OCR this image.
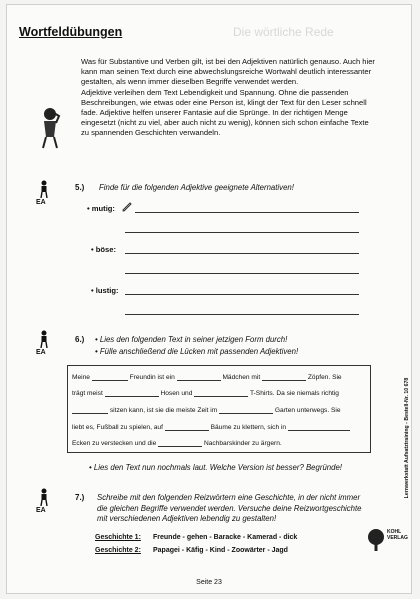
Wortfeldübungen	Die wörtliche Rede

Was für Substantive und Verben gilt, ist bei den Adjektiven natürlich genauso. Auch hier kann man seinen Text durch eine abwechslungsreiche Wortwahl deutlich interessanter gestalten, als wenn immer dieselben Begriffe verwendet werden.

Adjektive verleihen dem Text Lebendigkeit und Spannung. Ohne die passenden Beschreibungen, wie etwas oder eine Person ist, klingt der Text für den Leser schnell fade. Adjektive helfen unserer Fantasie auf die Sprünge. In der richtigen Menge eingesetzt (nicht zu viel, aber auch nicht zu wenig), können sich schon einfache Texte zu spannenden Geschichten verwandeln.

EA
5.) Finde für die folgenden Adjektive geeignete Alternativen!
• mutig:
• böse:
• lustig:
EA
6.) • Lies den folgenden Text in seiner jetzigen Form durch!
• Fülle anschließend die Lücken mit passenden Adjektiven!
Meine	Freundin ist ein	Mädchen mit	Zöpfen. Sie
trägt meist	Hosen und	T-Shirts. Da sie niemals richtig
sitzen kann, ist sie die meiste Zeit im	Garten unterwegs. Sie
liebt es, Fußball zu spielen, auf	Bäume zu klettern, sich in
Ecken zu verstecken und die	Nachbarskinder zu ärgern.
• Lies den Text nun nochmals laut. Welche Version ist besser? Begründe!
EA
7.) Schreibe mit den folgenden Reizwörtern eine Geschichte, in der nicht immer die gleichen Begriffe verwendet werden. Versuche deine Reizwortgeschichte mit verschiedenen Adjektiven lebendig zu gestalten!
Geschichte 1: Freunde - gehen - Baracke - Kamerad - dick
Geschichte 2: Papagei - Käfig - Kind - Zoowärter - Jagd
Seite 23
Lernwerkstatt Aufsatztraining - Bestell-Nr. 10 678
KOHL VERLAG
